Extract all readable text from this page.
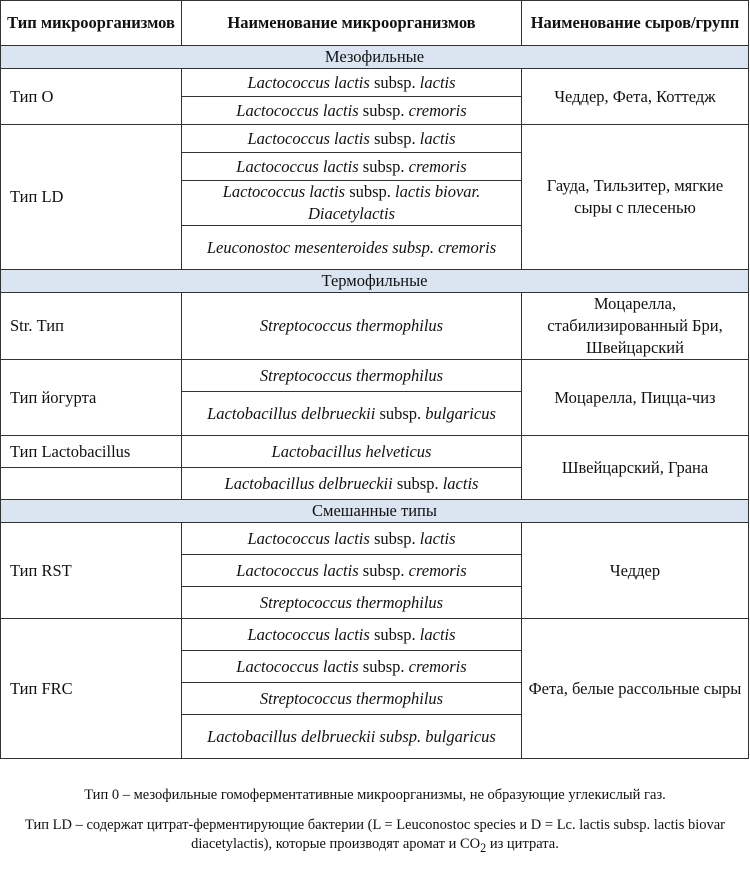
Тип микроорганизмов	Наименование микроорганизмов	Наименование сыров/групп
Мезофильные		
Тип O	Lactococcus lactis subsp. lactis	Чеддер, Фета, Коттедж
	Lactococcus lactis subsp. cremoris	
Тип LD	Lactococcus lactis subsp. lactis	Гауда, Тильзитер, мягкие сыры с плесенью
	Lactococcus lactis subsp. cremoris	
	Lactococcus lactis subsp. lactis biovar. Diacetylactis	
	Leuconostoc mesenteroides subsp. cremoris	
Термофильные		
Str. Тип	Streptococcus thermophilus	Моцарелла, стабилизированный Бри, Швейцарский
Тип йогурта	Streptococcus thermophilus	Моцарелла, Пицца-чиз
	Lactobacillus delbrueckii subsp. bulgaricus	
Тип Lactobacillus	Lactobacillus helveticus	Швейцарский, Грана
	Lactobacillus delbrueckii subsp. lactis	
Смешанные типы		
Тип RST	Lactococcus lactis subsp. lactis	Чеддер
	Lactococcus lactis subsp. cremoris	
	Streptococcus thermophilus	
Тип FRC	Lactococcus lactis subsp. lactis	Фета, белые рассольные сыры
	Lactococcus lactis subsp. cremoris	
	Streptococcus thermophilus	
	Lactobacillus delbrueckii subsp. bulgaricus	

Тип 0 – мезофильные гомоферментативные микроорганизмы, не образующие углекислый газ.

Тип LD – содержат цитрат-ферментирующие бактерии (L = Leuconostoc species и D = Lc. lactis subsp. lactis biovar diacetylactis), которые производят аромат и $CO_2$ из цитрата.
